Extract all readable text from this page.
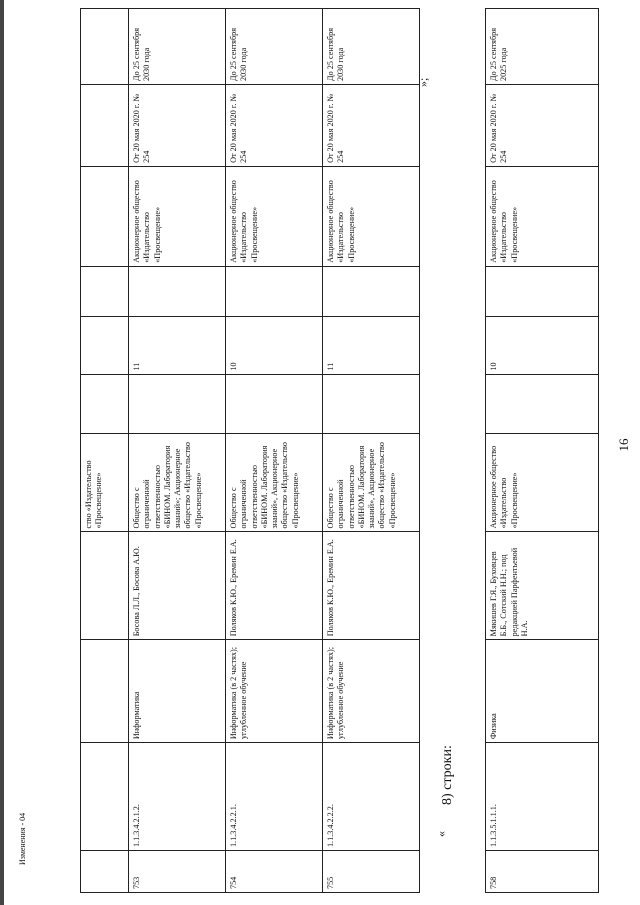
16
				ство «Издательство «Просвещение»						
753	1.1.3.4.2.1.2.	Информатика	Босова Л.Л., Босова А.Ю.	Общество с ограниченной ответственностью «БИНОМ. Лаборатория знаний»; Акционерное общество «Издательство «Просвещение»		11		Акционерное общество «Издательство «Просвещение»	От 20 мая 2020 г. № 254	До 25 сентября 2030 года
754	1.1.3.4.2.2.1.	Информатика (в 2 частях); углубленное обучение	Поляков К.Ю., Еремин Е.А.	Общество с ограниченной ответственностью «БИНОМ. Лаборатория знаний», Акционерное общество «Издательство «Просвещение»		10		Акционерное общество «Издательство «Просвещение»	От 20 мая 2020 г. № 254	До 25 сентября 2030 года
755	1.1.3.4.2.2.2.	Информатика (в 2 частях); углубленное обучение	Поляков К.Ю., Еремин Е.А.	Общество с ограниченной ответственностью «БИНОМ. Лаборатория знаний», Акционерное общество «Издательство «Просвещение»		11		Акционерное общество «Издательство «Просвещение»	От 20 мая 2020 г. № 254	До 25 сентября 2030 года
»;
«
8) строки:
758	1.1.3.5.1.1.1.	Физика	Мякишев Г.Я., Буховцев Б.Б., Сотский Н.Н.; под редакцией Парфентьевой Н.А.	Акционерное общество «Издательство «Просвещение»		10		Акционерное общество «Издательство «Просвещение»	От 20 мая 2020 г. № 254	До 25 сентября 2025 года
Изменения - 04
